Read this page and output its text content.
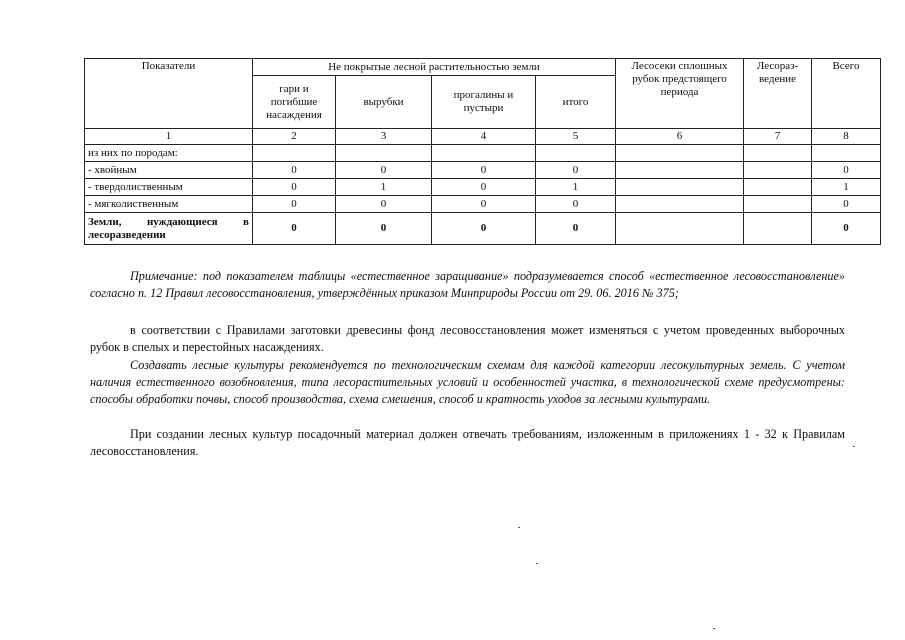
Показатели	Не покрытые лесной растительностью земли				Лесосеки сплошных рубок предстоящего периода	Лесораз-ведение	Всего
	гари и погибшие насаждения	вырубки	прогалины и пустыри	итого			
1	2	3	4	5	6	7	8
из них по породам:							
- хвойным	0	0	0	0			0
- твердолиственным	0	1	0	1			1
- мягколиственным	0	0	0	0			0
Земли, нуждающиеся в лесоразведении	0	0	0	0			0

Примечание: под показателем таблицы «естественное заращивание» подразумевается способ «естественное лесовосстановление» согласно п. 12 Правил лесовосстановления, утверждённых приказом Минприроды России от 29. 06. 2016 № 375;

в соответствии с Правилами заготовки древесины фонд лесовосстановления может изменяться с учетом проведенных выборочных рубок в спелых и перестойных насаждениях.

Создавать лесные культуры рекомендуется по технологическим схемам для каждой категории лесокультурных земель. С учетом наличия естественного возобновления, типа лесорастительных условий и особенностей участка, в технологической схеме предусмотрены: способы обработки почвы, способ производства, схема смешения, способ и кратность уходов за лесными культурами.

При создании лесных культур посадочный материал должен отвечать требованиям, изложенным в приложениях 1 - 32 к Правилам лесовосстановления.
